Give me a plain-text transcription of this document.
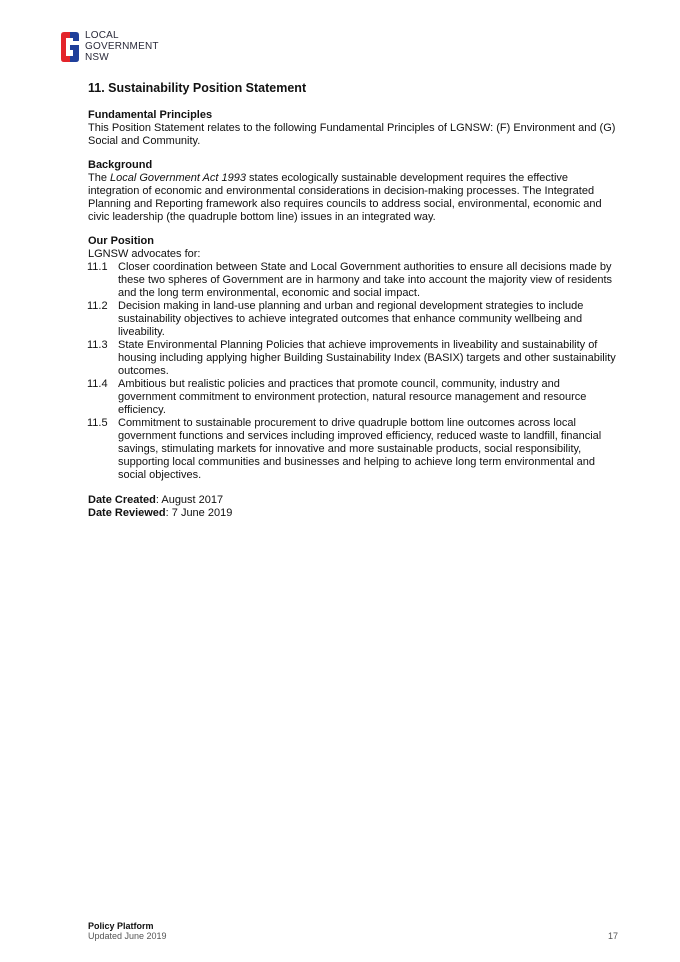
LOCAL
GOVERNMENT
NSW
11. Sustainability Position Statement
Fundamental Principles
This Position Statement relates to the following Fundamental Principles of LGNSW: (F) Environment and (G) Social and Community.
Background
The Local Government Act 1993 states ecologically sustainable development requires the effective integration of economic and environmental considerations in decision-making processes. The Integrated Planning and Reporting framework also requires councils to address social, environmental, economic and civic leadership (the quadruple bottom line) issues in an integrated way.
Our Position
LGNSW advocates for:
11.1 Closer coordination between State and Local Government authorities to ensure all decisions made by these two spheres of Government are in harmony and take into account the majority view of residents and the long term environmental, economic and social impact.
11.2 Decision making in land-use planning and urban and regional development strategies to include sustainability objectives to achieve integrated outcomes that enhance community wellbeing and liveability.
11.3 State Environmental Planning Policies that achieve improvements in liveability and sustainability of housing including applying higher Building Sustainability Index (BASIX) targets and other sustainability outcomes.
11.4 Ambitious but realistic policies and practices that promote council, community, industry and government commitment to environment protection, natural resource management and resource efficiency.
11.5 Commitment to sustainable procurement to drive quadruple bottom line outcomes across local government functions and services including improved efficiency, reduced waste to landfill, financial savings, stimulating markets for innovative and more sustainable products, social responsibility, supporting local communities and businesses and helping to achieve long term environmental and social objectives.
Date Created: August 2017
Date Reviewed: 7 June 2019
Policy Platform
Updated June 2019	17
